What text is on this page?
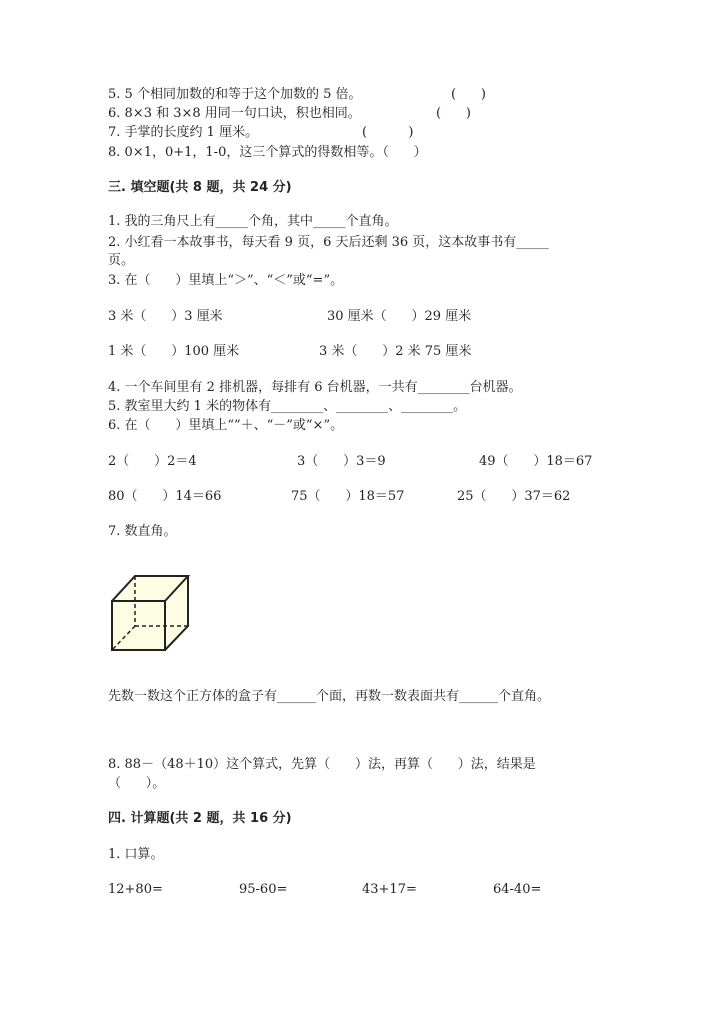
5. 5 个相同加数的和等于这个加数的 5 倍。	(      )
6. 8×3 和 3×8 用同一句口诀，积也相同。	(      )
7. 手掌的长度约 1 厘米。	(          )
8. 0×1，0+1，1-0，这三个算式的得数相等。（      ）
三. 填空题(共 8 题，共 24 分)
1. 我的三角尺上有_____个角，其中_____个直角。
2. 小红看一本故事书，每天看 9 页，6 天后还剩 36 页，这本故事书有_____
页。
3. 在（      ）里填上“＞”、“＜”或“=”。
3 米（      ）3 厘米	30 厘米（      ）29 厘米
1 米（      ）100 厘米	3 米（      ）2 米 75 厘米
4. 一个车间里有 2 排机器，每排有 6 台机器，一共有________台机器。
5. 教室里大约 1 米的物体有________、________、________。
6. 在（      ）里填上“”＋、“－”或“×”。
2（      ）2＝4	3（      ）3＝9	49（      ）18＝67
80（      ）14＝66	75（      ）18＝57	25（      ）37＝62
7. 数直角。
先数一数这个正方体的盒子有______个面，再数一数表面共有______个直角。
8. 88－（48＋10）这个算式，先算（      ）法，再算（      ）法，结果是
（      ）。
四. 计算题(共 2 题，共 16 分)
1. 口算。
12+80=	95-60=	43+17=	64-40=
